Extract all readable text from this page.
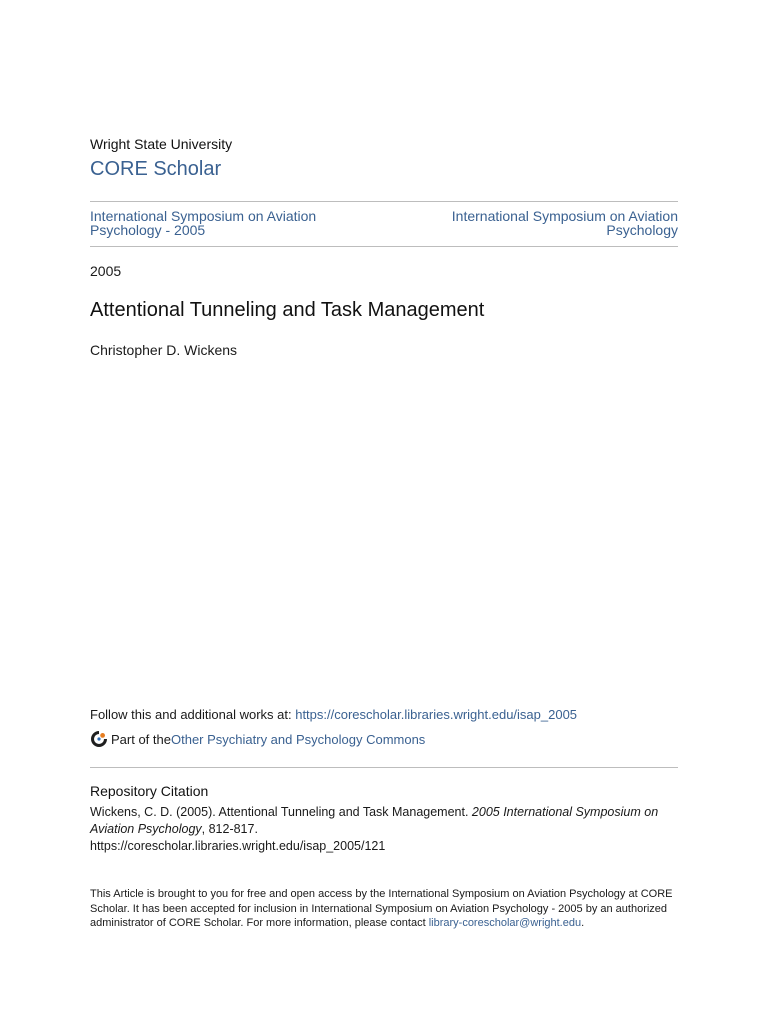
Wright State University
CORE Scholar
International Symposium on Aviation Psychology - 2005
International Symposium on Aviation Psychology
2005
Attentional Tunneling and Task Management
Christopher D. Wickens
Follow this and additional works at: https://corescholar.libraries.wright.edu/isap_2005
Part of the Other Psychiatry and Psychology Commons
Repository Citation
Wickens, C. D. (2005). Attentional Tunneling and Task Management. 2005 International Symposium on Aviation Psychology, 812-817.
https://corescholar.libraries.wright.edu/isap_2005/121
This Article is brought to you for free and open access by the International Symposium on Aviation Psychology at CORE Scholar. It has been accepted for inclusion in International Symposium on Aviation Psychology - 2005 by an authorized administrator of CORE Scholar. For more information, please contact library-corescholar@wright.edu.
